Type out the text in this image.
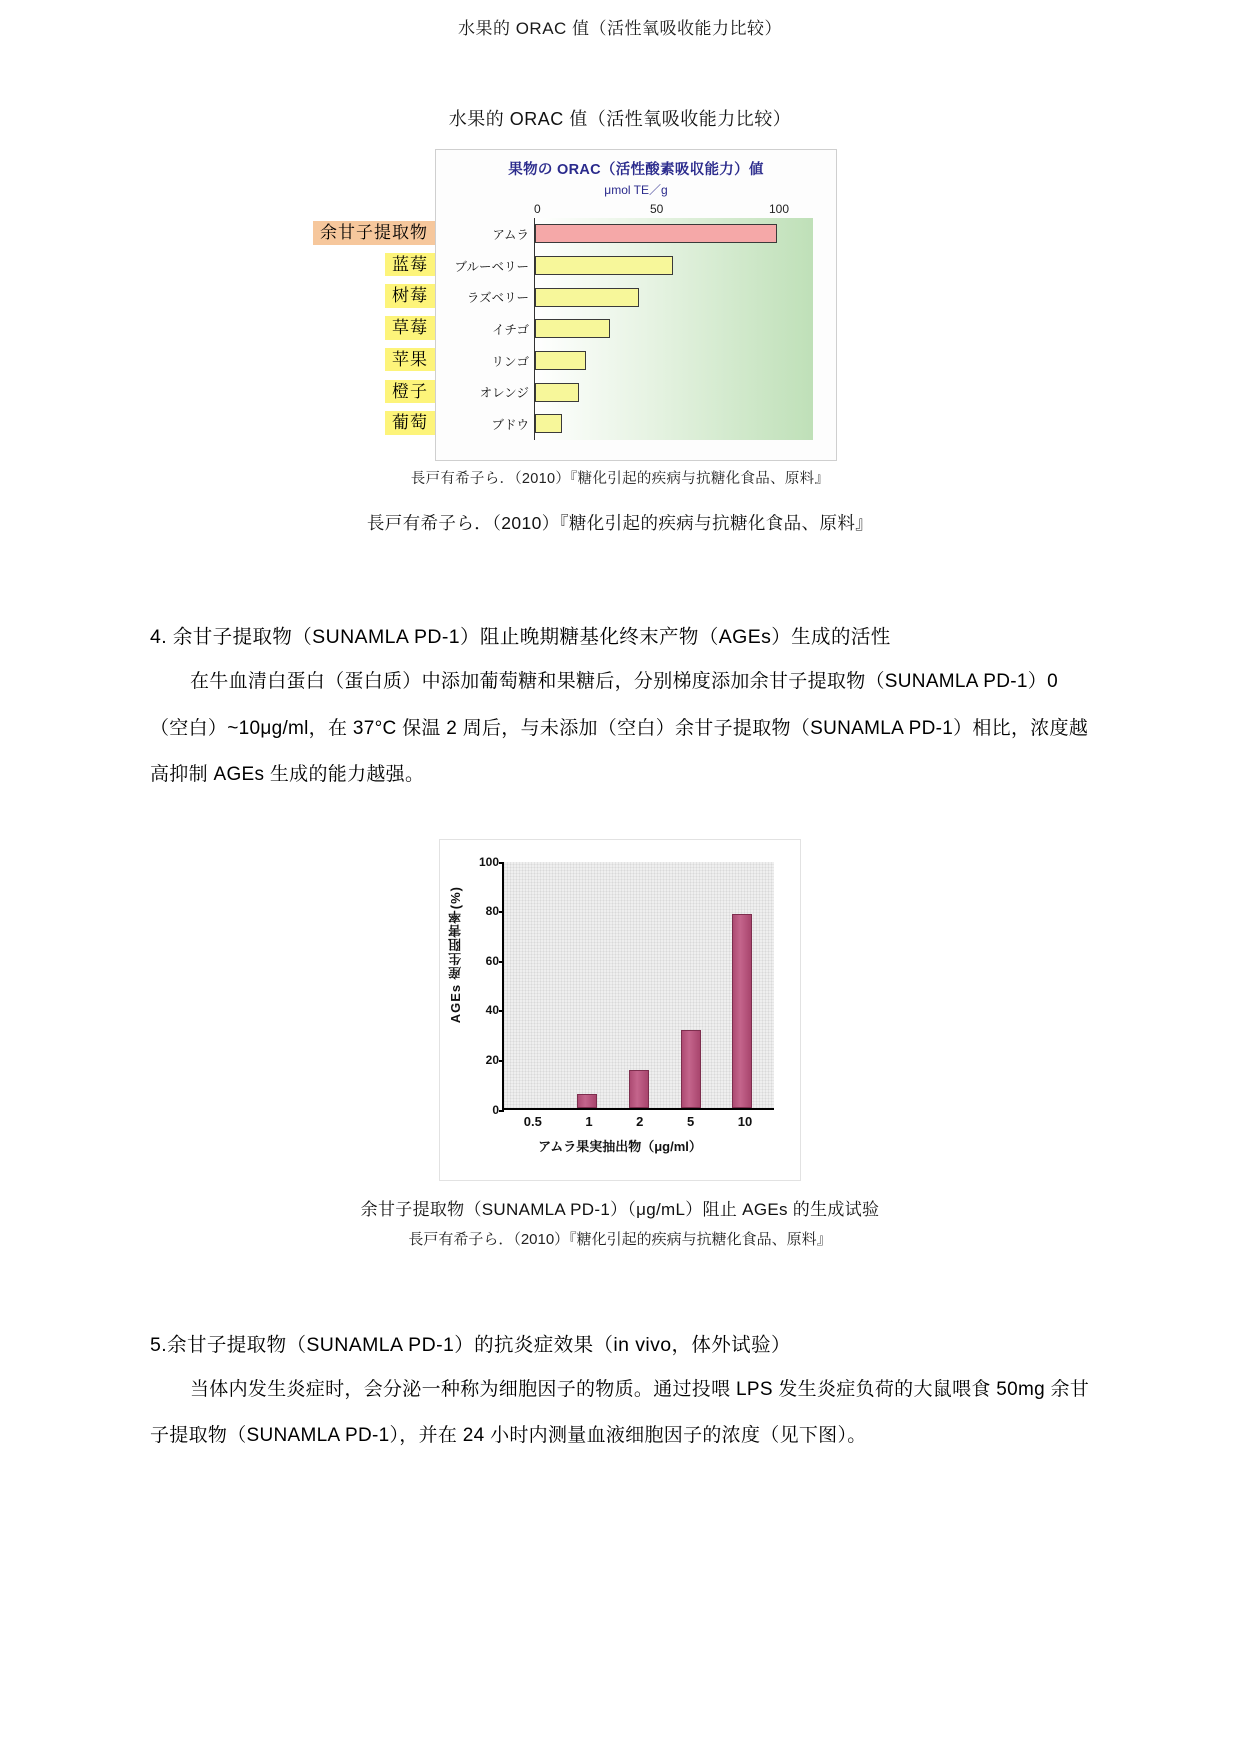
水果的 ORAC 值（活性氧吸收能力比较）
水果的 ORAC 值（活性氧吸收能力比较）
果物の ORAC（活性酸素吸収能力）値
μmol TE／g
0	50	100
アムラ
ブルーベリー
ラズベリー
イチゴ
リンゴ
オレンジ
ブドウ
余甘子提取物
蓝莓
树莓
草莓
苹果
橙子
葡萄
長戸有希子ら．（2010）『糖化引起的疾病与抗糖化食品、原料』
長戸有希子ら．（2010）『糖化引起的疾病与抗糖化食品、原料』
4. 余甘子提取物（SUNAMLA PD-1）阻止晚期糖基化终末产物（AGEs）生成的活性

在牛血清白蛋白（蛋白质）中添加葡萄糖和果糖后，分别梯度添加余甘子提取物（SUNAMLA PD-1）0（空白）~10μg/ml，在 37°C 保温 2 周后，与未添加（空白）余甘子提取物（SUNAMLA PD-1）相比，浓度越高抑制 AGEs 生成的能力越强。

AGEs 産生阻害率(%)
0
20
40
60
80
100
0.5	1	2	5	10
アムラ果実抽出物（μg/ml）
余甘子提取物（SUNAMLA PD-1）（μg/mL）阻止 AGEs 的生成试验
長戸有希子ら．（2010）『糖化引起的疾病与抗糖化食品、原料』
5.余甘子提取物（SUNAMLA PD-1）的抗炎症效果（in vivo，体外试验）

当体内发生炎症时，会分泌一种称为细胞因子的物质。通过投喂 LPS 发生炎症负荷的大鼠喂食 50mg 余甘子提取物（SUNAMLA PD-1），并在 24 小时内测量血液细胞因子的浓度（见下图）。
